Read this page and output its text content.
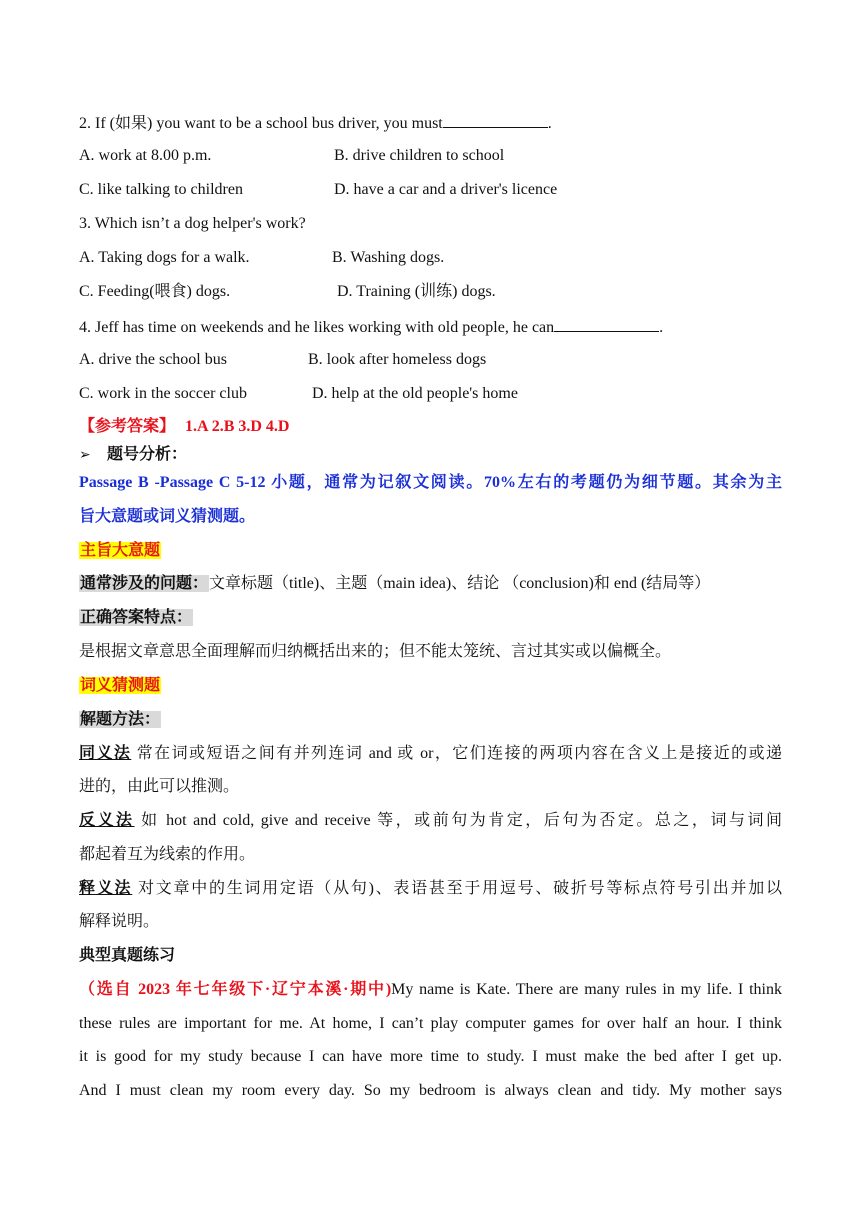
2. If (如果) you want to be a school bus driver, you must	.
A. work at 8.00 p.m.	B. drive children to school
C. like talking to children	D. have a car and a driver's licence
3. Which isn’t a dog helper's work?
A. Taking dogs for a walk.	B. Washing dogs.
C. Feeding(喂食) dogs.	D. Training (训练) dogs.
4. Jeff has time on weekends and he likes working with old people, he can	.
A. drive the school bus	B. look after homeless dogs
C. work in the soccer club	D. help at the old people's home
【参考答案】 1.A 2.B 3.D 4.D
➢ 题号分析：
Passage B -Passage C 5-12 小题，通常为记叙文阅读。70%左右的考题仍为细节题。其余为主
旨大意题或词义猜测题。
主旨大意题
通常涉及的问题：文章标题（title)、主题（main idea)、结论 （conclusion)和 end (结局等）
正确答案特点：
是根据文章意思全面理解而归纳概括出来的；但不能太笼统、言过其实或以偏概全。
词义猜测题
解题方法：
同义法 常在词或短语之间有并列连词 and 或 or，它们连接的两项内容在含义上是接近的或递
进的，由此可以推测。
反义法 如 hot and cold, give and receive 等，或前句为肯定，后句为否定。总之，词与词间
都起着互为线索的作用。
释义法 对文章中的生词用定语（从句)、表语甚至于用逗号、破折号等标点符号引出并加以
解释说明。
典型真题练习
（选自 2023 年七年级下·辽宁本溪·期中)My name is Kate. There are many rules in my life. I think
these rules are important for me. At home, I can’t play computer games for over half an hour. I think
it is good for my study because I can have more time to study. I must make the bed after I get up.
And I must clean my room every day. So my bedroom is always clean and tidy. My mother says
